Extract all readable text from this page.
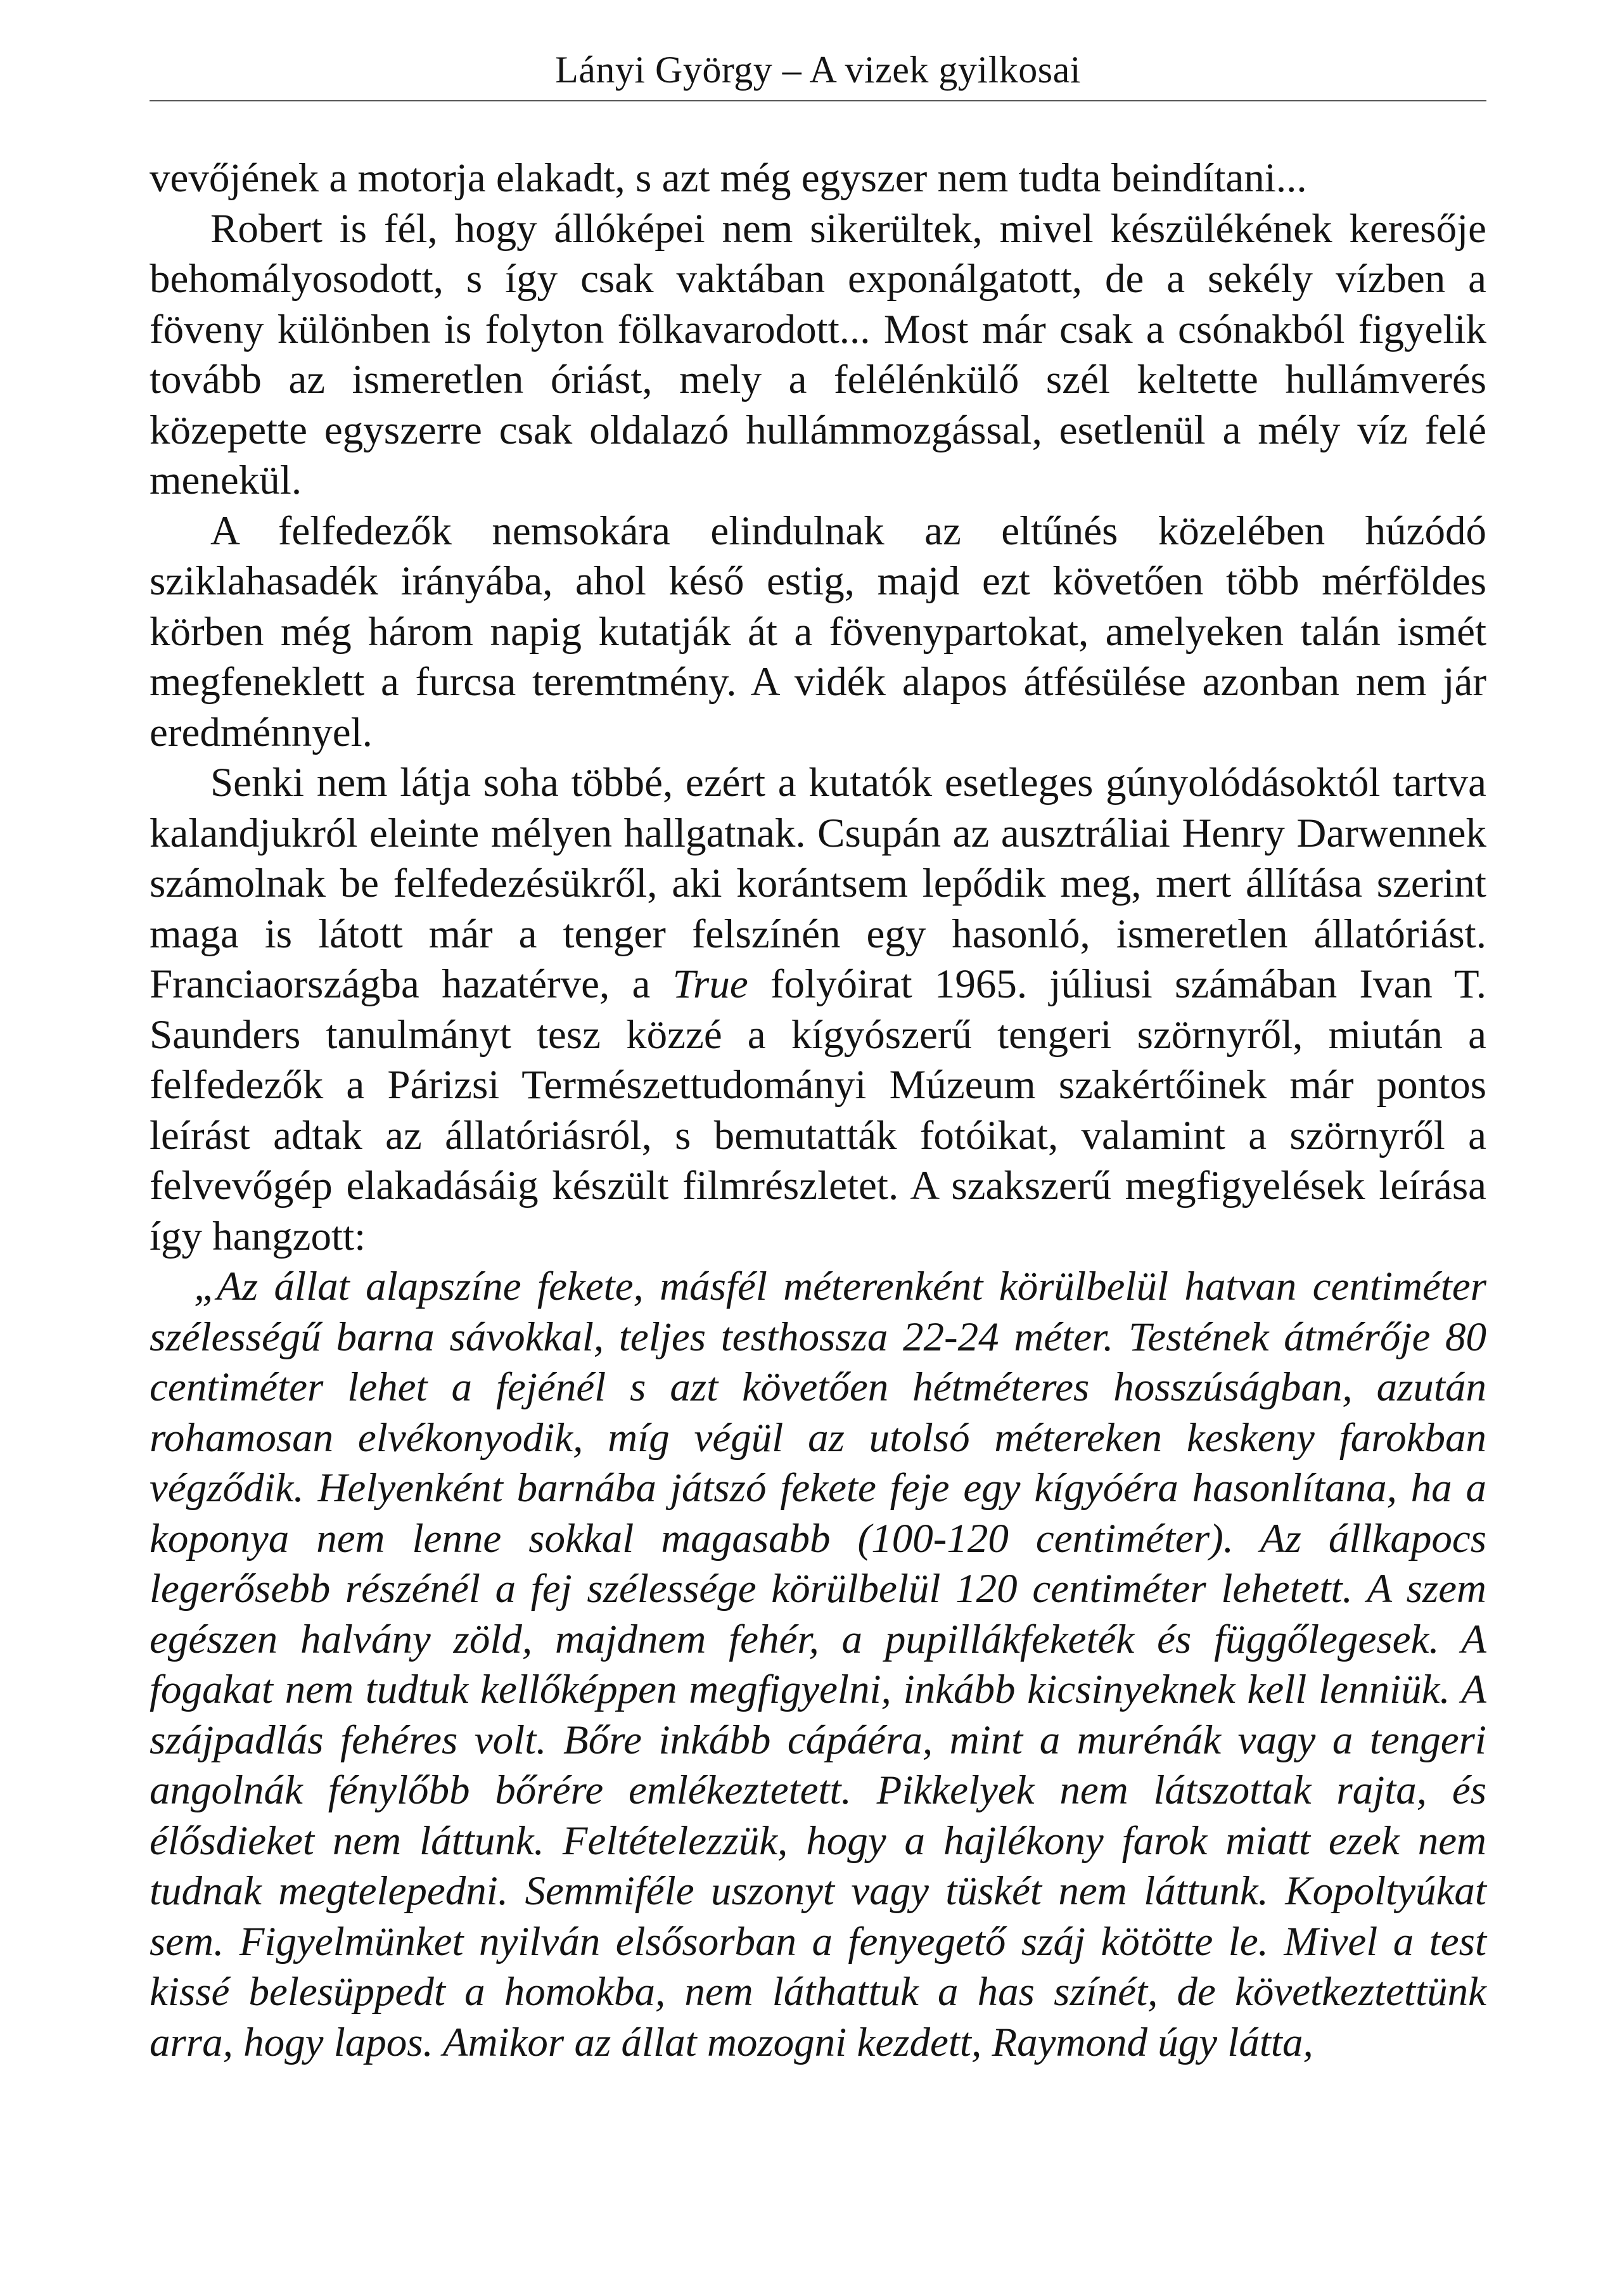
Lányi György – A vizek gyilkosai

vevőjének a motorja elakadt, s azt még egyszer nem tudta beindítani...

Robert is fél, hogy állóképei nem sikerültek, mivel készülékének keresője behomályosodott, s így csak vaktában exponálgatott, de a sekély vízben a föveny különben is folyton fölkavarodott... Most már csak a csónakból figyelik tovább az ismeretlen óriást, mely a felélénkülő szél keltette hullámverés közepette egyszerre csak oldalazó hullámmozgással, esetlenül a mély víz felé menekül.

A felfedezők nemsokára elindulnak az eltűnés közelében húzódó sziklahasadék irányába, ahol késő estig, majd ezt követően több mérföldes körben még három napig kutatják át a fövenypartokat, amelyeken talán ismét megfeneklett a furcsa teremtmény. A vidék alapos átfésülése azonban nem jár eredménnyel.

Senki nem látja soha többé, ezért a kutatók esetleges gúnyolódásoktól tartva kalandjukról eleinte mélyen hallgatnak. Csupán az ausztráliai Henry Darwennek számolnak be felfedezésükről, aki korántsem lepődik meg, mert állítása szerint maga is látott már a tenger felszínén egy hasonló, ismeretlen állatóriást. Franciaországba hazatérve, a True folyóirat 1965. júliusi számában Ivan T. Saunders tanulmányt tesz közzé a kígyószerű tengeri szörnyről, miután a felfedezők a Párizsi Természettudományi Múzeum szakértőinek már pontos leírást adtak az állatóriásról, s bemutatták fotóikat, valamint a szörnyről a felvevőgép elakadásáig készült filmrészletet. A szakszerű megfigyelések leírása így hangzott:

„Az állat alapszíne fekete, másfél méterenként körülbelül hatvan centiméter szélességű barna sávokkal, teljes testhossza 22-24 méter. Testének átmérője 80 centiméter lehet a fejénél s azt követően hétméteres hosszúságban, azután rohamosan elvékonyodik, míg végül az utolsó métereken keskeny farokban végződik. Helyenként barnába játszó fekete feje egy kígyóéra hasonlítana, ha a koponya nem lenne sokkal magasabb (100-120 centiméter). Az állkapocs legerősebb részénél a fej szélessége körülbelül 120 centiméter lehetett. A szem egészen halvány zöld, majdnem fehér, a pupillákfeketék és függőlegesek. A fogakat nem tudtuk kellőképpen megfigyelni, inkább kicsinyeknek kell lenniük. A szájpadlás fehéres volt. Bőre inkább cápáéra, mint a murénák vagy a tengeri angolnák fénylőbb bőrére emlékeztetett. Pikkelyek nem látszottak rajta, és élősdieket nem láttunk. Feltételezzük, hogy a hajlékony farok miatt ezek nem tudnak megtelepedni. Semmiféle uszonyt vagy tüskét nem láttunk. Kopoltyúkat sem. Figyelmünket nyilván elsősorban a fenyegető száj kötötte le. Mivel a test kissé belesüppedt a homokba, nem láthattuk a has színét, de következtettünk arra, hogy lapos. Amikor az állat mozogni kezdett, Raymond úgy látta,
